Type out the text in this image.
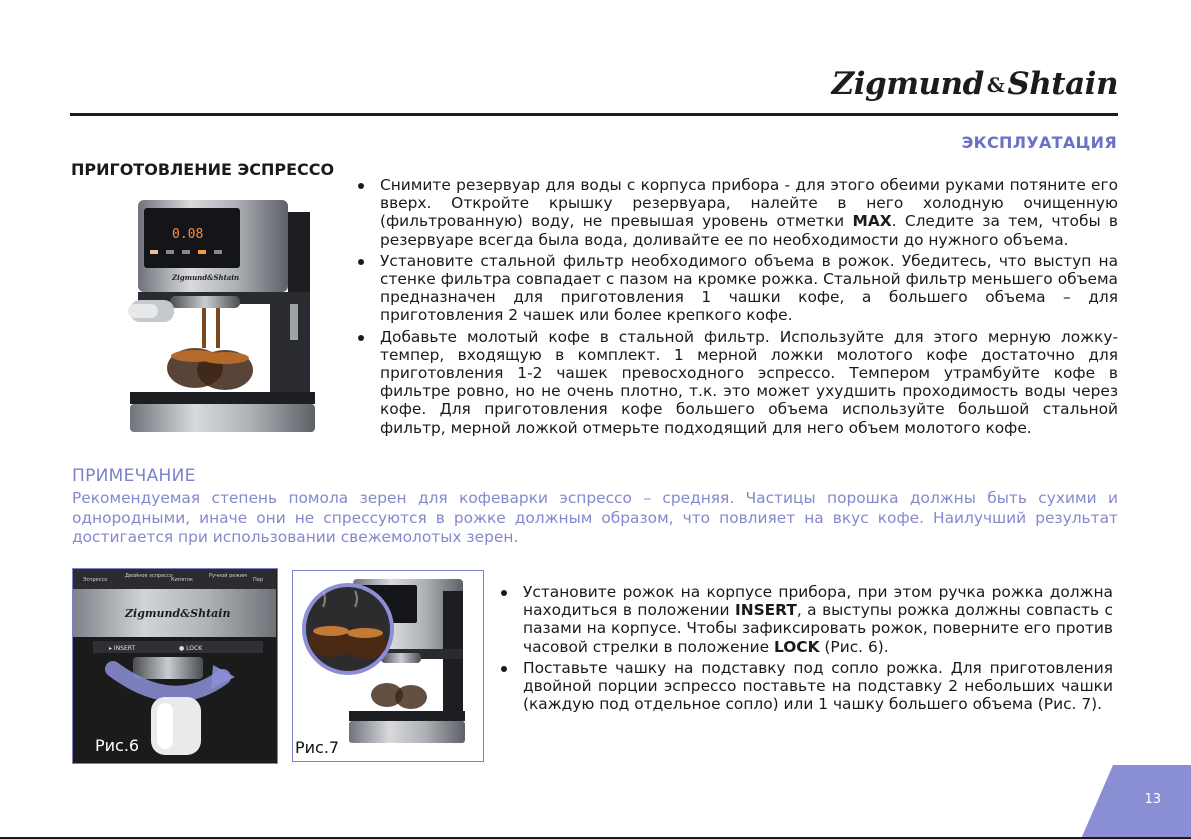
Zigmund &Shtain
ЭКСПЛУАТАЦИЯ
ПРИГОТОВЛЕНИЕ ЭСПРЕССО
0.08
Zigmund&Shtain
Снимите резервуар для воды с корпуса прибора - для этого обеими руками потяните его вверх. Откройте крышку резервуара, налейте в него холодную очищенную (фильтрованную) воду, не превышая уровень отметки MAX. Следите за тем, чтобы в резервуаре всегда была вода, доливайте ее по необходимости до нужного объема.
Установите стальной фильтр необходимого объема в рожок. Убедитесь, что выступ на стенке фильтра совпадает с пазом на кромке рожка. Стальной фильтр меньшего объема предназначен для приготовления 1 чашки кофе, а большего объема – для приготовления 2 чашек или более крепкого кофе.
Добавьте молотый кофе в стальной фильтр. Используйте для этого мерную ложку-темпер, входящую в комплект. 1 мерной ложки молотого кофе достаточно для приготовления 1-2 чашек превосходного эспрессо. Темпером утрамбуйте кофе в фильтре ровно, но не очень плотно, т.к. это может ухудшить проходимость воды через кофе. Для приготовления кофе большего объема используйте большой стальной фильтр, мерной ложкой отмерьте подходящий для него объем молотого кофе.
ПРИМЕЧАНИЕ
Рекомендуемая степень помола зерен для кофеварки эспрессо – средняя. Частицы порошка должны быть сухими и однородными, иначе они не спрессуются в рожке должным образом, что повлияет на вкус кофе. Наилучший результат достигается при использовании свежемолотых зерен.
Эспрессо
Двойное эспрессо
Кипяток
Ручной режим
Пар
Zigmund&Shtain
▸ INSERT	● LOCK
Рис.6	Рис.7
Установите рожок на корпусе прибора, при этом ручка рожка должна находиться в положении INSERT, а выступы рожка должны совпасть с пазами на корпусе. Чтобы зафиксировать рожок, поверните его против часовой стрелки в положение LOCK (Рис. 6).
Поставьте чашку на подставку под сопло рожка. Для приготовления двойной порции эспрессо поставьте на подставку 2 небольших чашки (каждую под отдельное сопло) или 1 чашку большего объема (Рис. 7).
13
